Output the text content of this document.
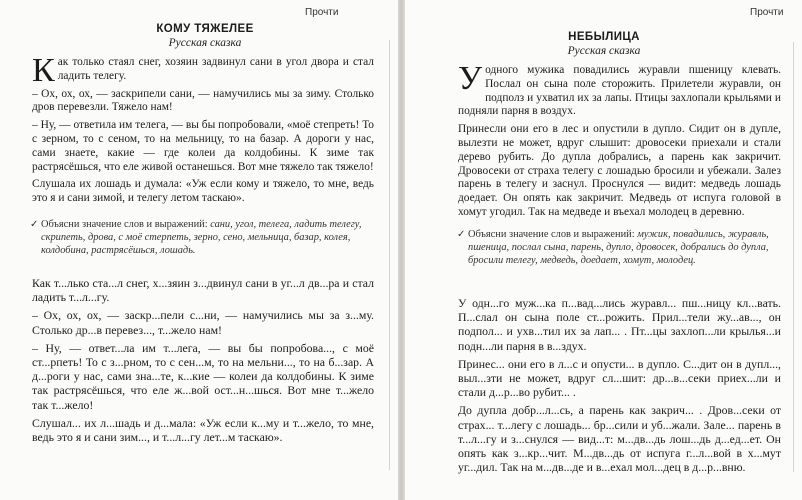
Прочти
КОМУ ТЯЖЕЛЕЕ
Русская сказка

Как только стаял снег, хозяин задвинул сани в угол двора и стал ладить телегу.

– Ох, ох, ох, — заскрипели сани, — намучились мы за зиму. Столько дров перевезли. Тяжело нам!

– Ну, — ответила им телега, — вы бы попробовали, «моё степреть! То с зерном, то с сеном, то на мельницу, то на базар. А дороги у нас, сами знаете, какие — где колеи да колдобины. К зиме так растрясёшься, что еле живой останешься. Вот мне тяжело так тяжело!

Слушала их лошадь и думала: «Уж если кому и тяжело, то мне, ведь это я и сани зимой, и телегу летом таскаю».

✓ Объясни значение слов и выражений: сани, угол, телега, ладить телегу, скрипеть, дрова, с моё стерпеть, зерно, сено, мельница, базар, колея, колдобина, растрясёшься, лошадь.

Как т...лько ста...л снег, х...зяин з...двинул сани в уг...л дв...ра и стал ладить т...л...гу.

– Ох, ох, ох, — заскр...пели с...ни, — намучились мы за з...му. Столько др...в перевез..., т...жело нам!

– Ну, — ответ...ла им т...лега, — вы бы попробова..., с моё ст...рпеть! То с з...рном, то с сен...м, то на мельни..., то на б...зар. А д...роги у нас, сами зна...те, к...кие — колеи да колдобины. К зиме так растрясёшься, что еле ж...вой ост...н...шься. Вот мне т...жело так т...жело!

Слушал... их л...шадь и д...мала: «Уж если к...му и т...жело, то мне, ведь это я и сани зим..., и т...л...гу лет...м таскаю».

Прочти
НЕБЫЛИЦА
Русская сказка

Уодного мужика повадились журавли пшеницу клевать. Послал он сына поле сторожить. Прилетели журавли, он подполз и ухватил их за лапы. Птицы захлопали крыльями и подняли парня в воздух.

Принесли они его в лес и опустили в дупло. Сидит он в дупле, вылезти не может, вдруг слышит: дровосеки приехали и стали дерево рубить. До дупла добрались, а парень как закричит. Дровосеки от страха телегу с лошадью бросили и убежали. Залез парень в телегу и заснул. Проснулся — видит: медведь лошадь доедает. Он опять как закричит. Медведь от испуга головой в хомут угодил. Так на медведе и въехал молодец в деревню.

✓ Объясни значение слов и выражений: мужик, повадились, журавль, пшеница, послал сына, парень, дупло, дровосек, добрались до дупла, бросили телегу, медведь, доедает, хомут, молодец.

У одн...го муж...ка п...вад...лись журавл... пш...ницу кл...вать. П...слал он сына поле ст...рожить. Прил...тели жу...ав..., он подпол... и ухв...тил их за лап... . Пт...цы захлоп...ли крылья...и подн...ли парня в в...здух.

Принес... они его в л...с и опусти... в дупло. С...дит он в дупл..., выл...зти не может, вдруг сл...шит: др...в...секи приех...ли и стали д...р...во рубит... .

До дупла добр...л...сь, а парень как закрич... . Дров...секи от страх... т...легу с лошадь... бр...сили и уб...жали. Зале... парень в т...л...гу и з...снулся — вид...т: м...дв...дь лош...дь д...ед...ет. Он опять как з...кр...чит. М...дв...дь от испуга г...л...вой в х...мут уг...дил. Так на м...дв...де и в...ехал мол...дец в д...р...вню.
